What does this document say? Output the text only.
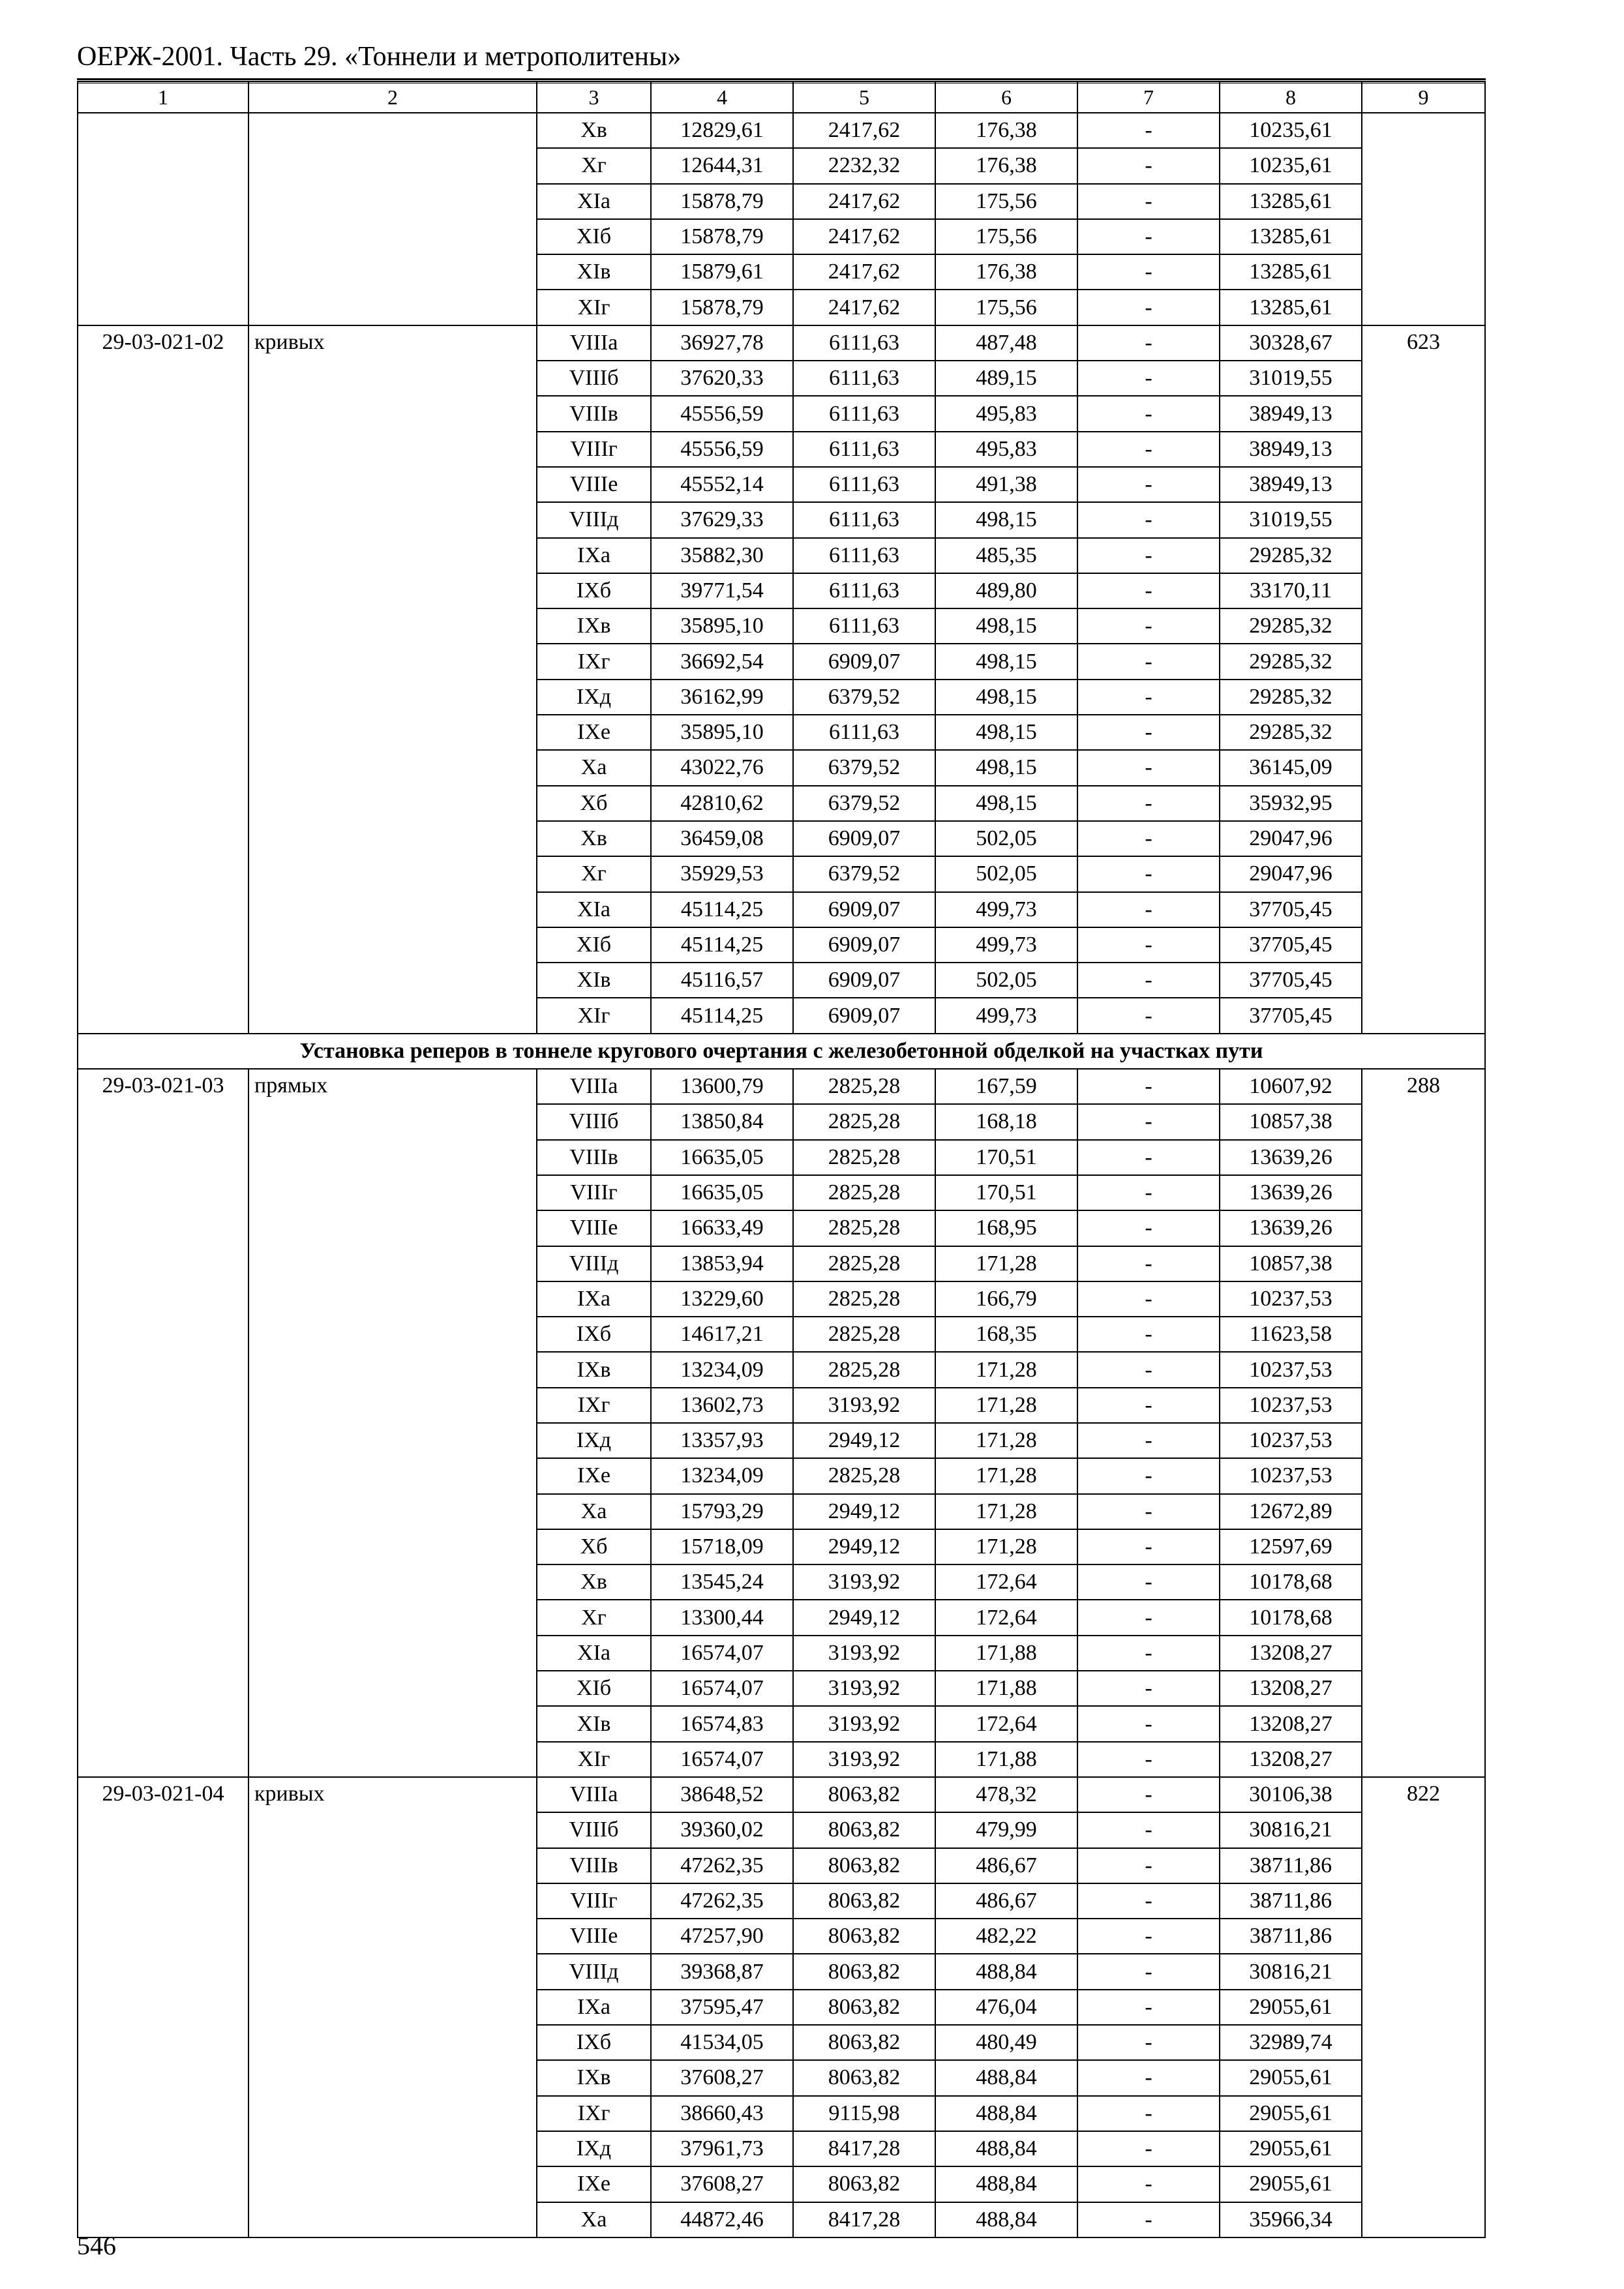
ОЕРЖ-2001. Часть 29. «Тоннели и метрополитены»
1	2	3	4	5	6	7	8	9
		Хв	12829,61	2417,62	176,38	-	10235,61	
		Хг	12644,31	2232,32	176,38	-	10235,61	
		ХIа	15878,79	2417,62	175,56	-	13285,61	
		ХIб	15878,79	2417,62	175,56	-	13285,61	
		ХIв	15879,61	2417,62	176,38	-	13285,61	
		ХIг	15878,79	2417,62	175,56	-	13285,61	
29-03-021-02	кривых	VIIIа	36927,78	6111,63	487,48	-	30328,67	623
		VIIIб	37620,33	6111,63	489,15	-	31019,55	
		VIIIв	45556,59	6111,63	495,83	-	38949,13	
		VIIIг	45556,59	6111,63	495,83	-	38949,13	
		VIIIе	45552,14	6111,63	491,38	-	38949,13	
		VIIIд	37629,33	6111,63	498,15	-	31019,55	
		IХа	35882,30	6111,63	485,35	-	29285,32	
		IХб	39771,54	6111,63	489,80	-	33170,11	
		IХв	35895,10	6111,63	498,15	-	29285,32	
		IХг	36692,54	6909,07	498,15	-	29285,32	
		IХд	36162,99	6379,52	498,15	-	29285,32	
		IХе	35895,10	6111,63	498,15	-	29285,32	
		Ха	43022,76	6379,52	498,15	-	36145,09	
		Хб	42810,62	6379,52	498,15	-	35932,95	
		Хв	36459,08	6909,07	502,05	-	29047,96	
		Хг	35929,53	6379,52	502,05	-	29047,96	
		ХIа	45114,25	6909,07	499,73	-	37705,45	
		ХIб	45114,25	6909,07	499,73	-	37705,45	
		ХIв	45116,57	6909,07	502,05	-	37705,45	
		ХIг	45114,25	6909,07	499,73	-	37705,45	
Установка реперов в тоннеле кругового очертания с железобетонной обделкой на участках пути								
29-03-021-03	прямых	VIIIа	13600,79	2825,28	167,59	-	10607,92	288
		VIIIб	13850,84	2825,28	168,18	-	10857,38	
		VIIIв	16635,05	2825,28	170,51	-	13639,26	
		VIIIг	16635,05	2825,28	170,51	-	13639,26	
		VIIIе	16633,49	2825,28	168,95	-	13639,26	
		VIIIд	13853,94	2825,28	171,28	-	10857,38	
		IХа	13229,60	2825,28	166,79	-	10237,53	
		IХб	14617,21	2825,28	168,35	-	11623,58	
		IХв	13234,09	2825,28	171,28	-	10237,53	
		IХг	13602,73	3193,92	171,28	-	10237,53	
		IХд	13357,93	2949,12	171,28	-	10237,53	
		IХе	13234,09	2825,28	171,28	-	10237,53	
		Ха	15793,29	2949,12	171,28	-	12672,89	
		Хб	15718,09	2949,12	171,28	-	12597,69	
		Хв	13545,24	3193,92	172,64	-	10178,68	
		Хг	13300,44	2949,12	172,64	-	10178,68	
		ХIа	16574,07	3193,92	171,88	-	13208,27	
		ХIб	16574,07	3193,92	171,88	-	13208,27	
		ХIв	16574,83	3193,92	172,64	-	13208,27	
		ХIг	16574,07	3193,92	171,88	-	13208,27	
29-03-021-04	кривых	VIIIа	38648,52	8063,82	478,32	-	30106,38	822
		VIIIб	39360,02	8063,82	479,99	-	30816,21	
		VIIIв	47262,35	8063,82	486,67	-	38711,86	
		VIIIг	47262,35	8063,82	486,67	-	38711,86	
		VIIIе	47257,90	8063,82	482,22	-	38711,86	
		VIIIд	39368,87	8063,82	488,84	-	30816,21	
		IХа	37595,47	8063,82	476,04	-	29055,61	
		IХб	41534,05	8063,82	480,49	-	32989,74	
		IХв	37608,27	8063,82	488,84	-	29055,61	
		IХг	38660,43	9115,98	488,84	-	29055,61	
		IХд	37961,73	8417,28	488,84	-	29055,61	
		IХе	37608,27	8063,82	488,84	-	29055,61	
		Ха	44872,46	8417,28	488,84	-	35966,34	
546
